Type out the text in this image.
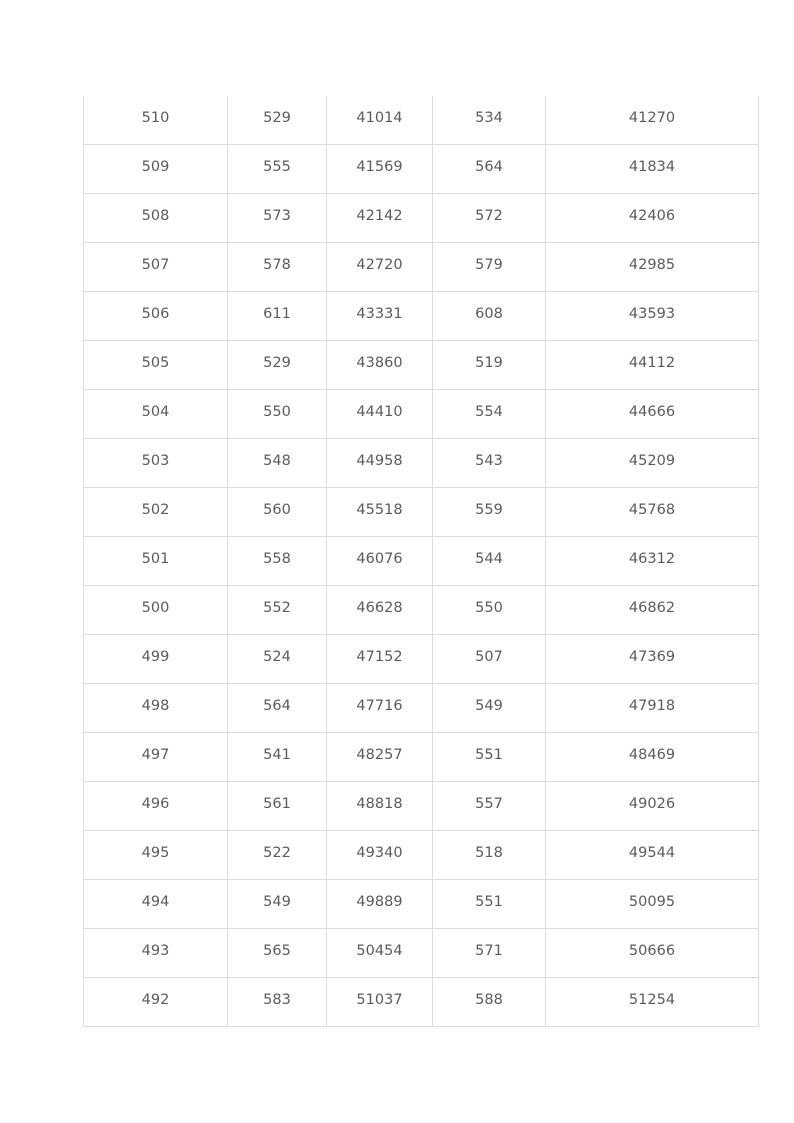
510	529	41014	534	41270
509	555	41569	564	41834
508	573	42142	572	42406
507	578	42720	579	42985
506	611	43331	608	43593
505	529	43860	519	44112
504	550	44410	554	44666
503	548	44958	543	45209
502	560	45518	559	45768
501	558	46076	544	46312
500	552	46628	550	46862
499	524	47152	507	47369
498	564	47716	549	47918
497	541	48257	551	48469
496	561	48818	557	49026
495	522	49340	518	49544
494	549	49889	551	50095
493	565	50454	571	50666
492	583	51037	588	51254
